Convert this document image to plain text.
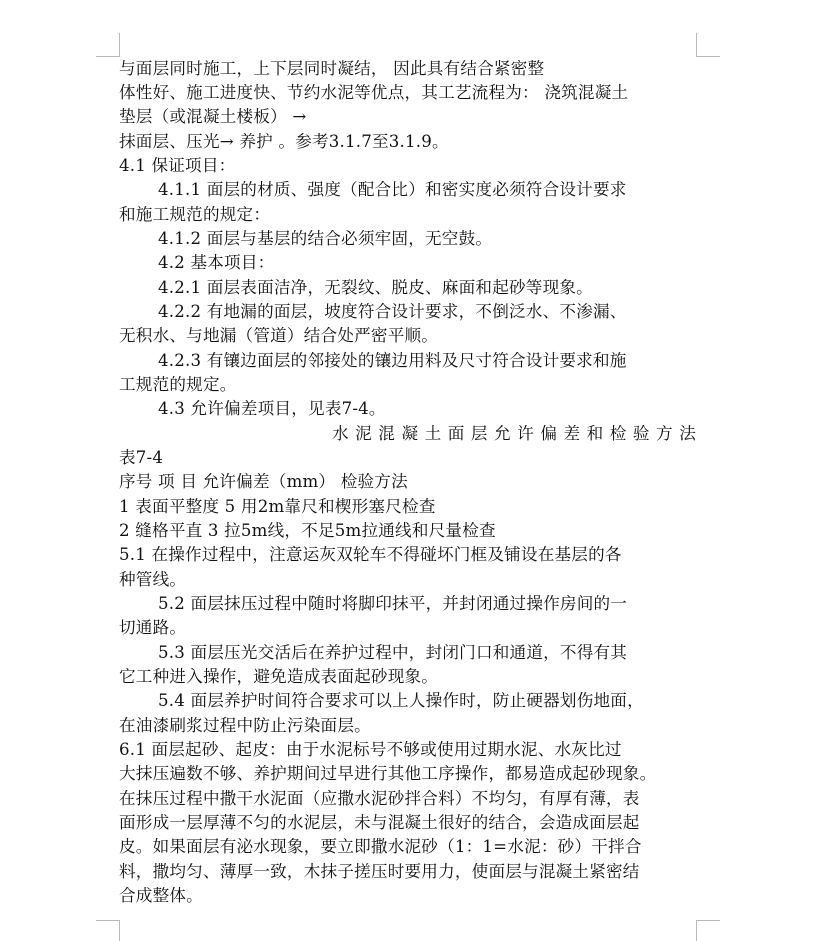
与面层同时施工，上下层同时凝结， 因此具有结合紧密整

体性好、施工进度快、节约水泥等优点，其工艺流程为： 浇筑混凝土

垫层（或混凝土楼板） →

抹面层、压光→ 养护 。参考3.1.7至3.1.9。

4.1 保证项目：

4.1.1 面层的材质、强度（配合比）和密实度必须符合设计要求

和施工规范的规定：

4.1.2 面层与基层的结合必须牢固，无空鼓。

4.2 基本项目：

4.2.1 面层表面洁净，无裂纹、脱皮、麻面和起砂等现象。

4.2.2 有地漏的面层，坡度符合设计要求，不倒泛水、不渗漏、

无积水、与地漏（管道）结合处严密平顺。

4.2.3 有镶边面层的邻接处的镶边用料及尺寸符合设计要求和施

工规范的规定。

4.3 允许偏差项目，见表7-4。

水泥混凝土面层允许偏差和检验方法

表7-4

序号 项 目 允许偏差（mm） 检验方法

1 表面平整度 5 用2m靠尺和楔形塞尺检查

2 缝格平直 3 拉5m线，不足5m拉通线和尺量检查

5.1 在操作过程中，注意运灰双轮车不得碰坏门框及铺设在基层的各

种管线。

5.2 面层抹压过程中随时将脚印抹平，并封闭通过操作房间的一

切通路。

5.3 面层压光交活后在养护过程中，封闭门口和通道，不得有其

它工种进入操作，避免造成表面起砂现象。

5.4 面层养护时间符合要求可以上人操作时，防止硬器划伤地面，

在油漆刷浆过程中防止污染面层。

6.1 面层起砂、起皮：由于水泥标号不够或使用过期水泥、水灰比过

大抹压遍数不够、养护期间过早进行其他工序操作，都易造成起砂现象。

在抹压过程中撒干水泥面（应撒水泥砂拌合料）不均匀，有厚有薄，表

面形成一层厚薄不匀的水泥层，未与混凝土很好的结合，会造成面层起

皮。如果面层有泌水现象，要立即撒水泥砂（1：1=水泥：砂）干拌合

料，撒均匀、薄厚一致，木抹子搓压时要用力，使面层与混凝土紧密结

合成整体。
